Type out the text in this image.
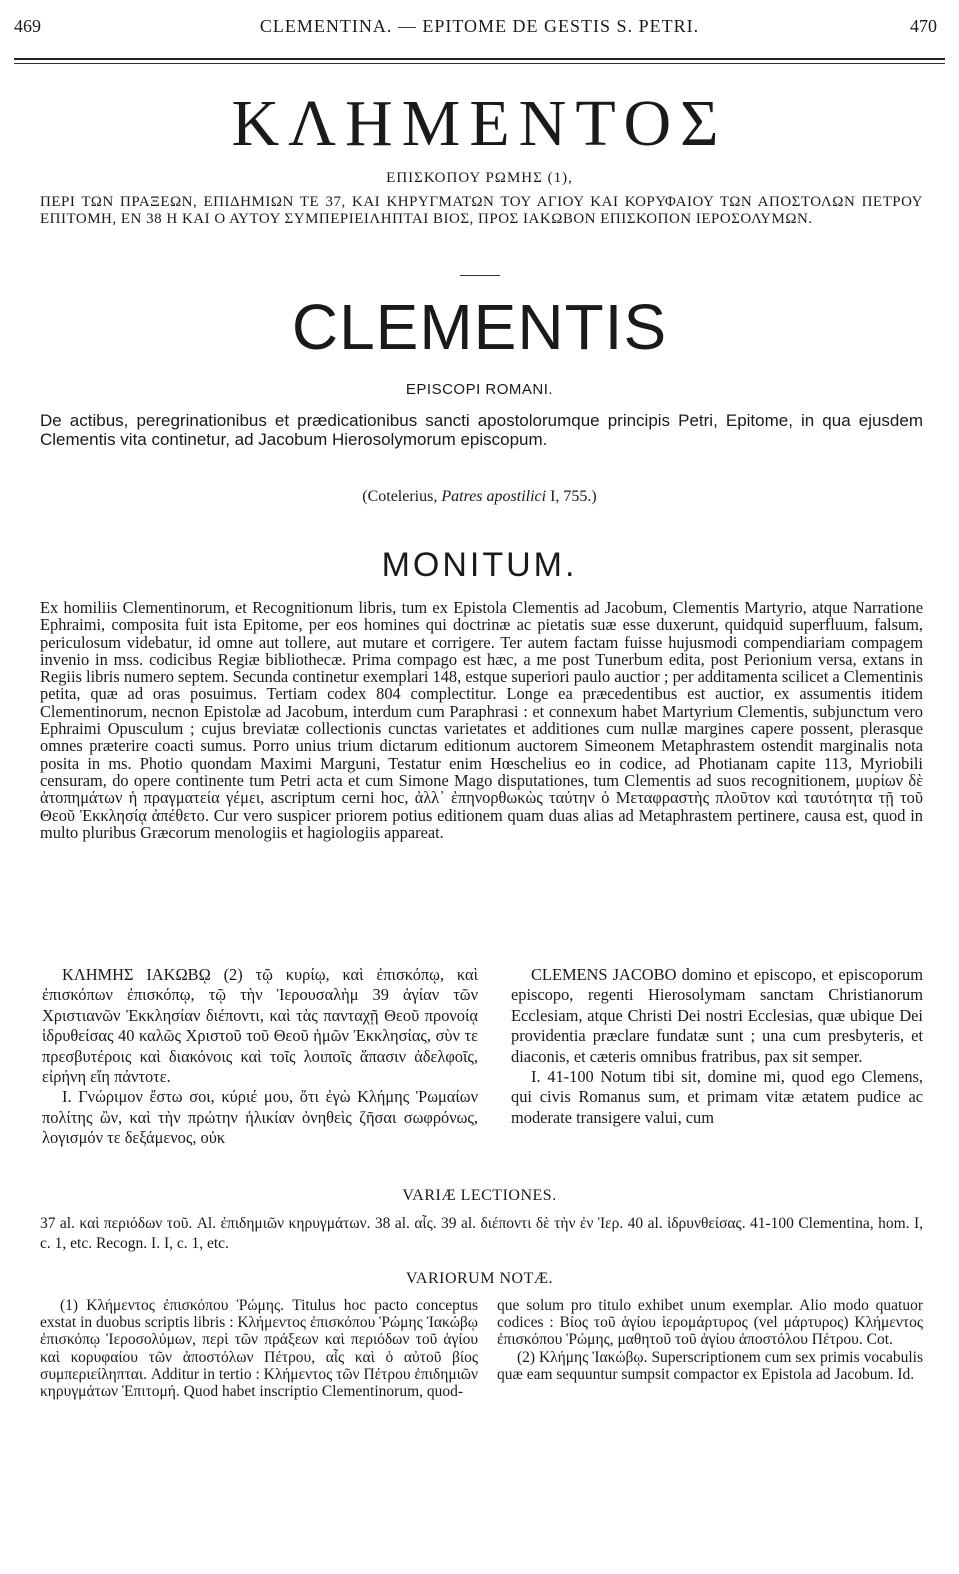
469	CLEMENTINA. — EPITOME DE GESTIS S. PETRI.	470
ΚΛΗΜΕΝΤΟΣ
ΕΠΙΣΚΟΠΟΥ ΡΩΜΗΣ (1),
ΠΕΡΙ ΤΩΝ ΠΡΑΞΕΩΝ, ΕΠΙΔΗΜΙΩΝ ΤΕ 37, ΚΑΙ ΚΗΡΥΓΜΑΤΩΝ ΤΟΥ ΑΓΙΟΥ ΚΑΙ ΚΟΡΥΦΑΙΟΥ ΤΩΝ ΑΠΟΣΤΟΛΩΝ ΠΕΤΡΟΥ ΕΠΙΤΟΜΗ, ΕΝ 38 Η ΚΑΙ Ο ΑΥΤΟΥ ΣΥΜΠΕΡΙΕΙΛΗΠΤΑΙ ΒΙΟΣ, ΠΡΟΣ ΙΑΚΩΒΟΝ ΕΠΙΣΚΟΠΟΝ ΙΕΡΟΣΟΛΥΜΩΝ.
CLEMENTIS
EPISCOPI ROMANI.
De actibus, peregrinationibus et prædicationibus sancti apostolorumque principis Petri, Epitome, in qua ejusdem Clementis vita continetur, ad Jacobum Hierosolymorum episcopum.
(Cotelerius, Patres apostilici I, 755.)
MONITUM.
Ex homiliis Clementinorum, et Recognitionum libris, tum ex Epistola Clementis ad Jacobum, Clementis Martyrio, atque Narratione Ephraimi, composita fuit ista Epitome, per eos homines qui doctrinæ ac pietatis suæ esse duxerunt, quidquid superfluum, falsum, periculosum videbatur, id omne aut tollere, aut mutare et corrigere. Ter autem factam fuisse hujusmodi compendiariam compagem invenio in mss. codicibus Regiæ bibliothecæ. Prima compago est hæc, a me post Tunerbum edita, post Perionium versa, extans in Regiis libris numero septem. Secunda continetur exemplari 148, estque superiori paulo auctior ; per additamenta scilicet a Clementinis petita, quæ ad oras posuimus. Tertiam codex 804 complectitur. Longe ea præcedentibus est auctior, ex assumentis itidem Clementinorum, necnon Epistolæ ad Jacobum, interdum cum Paraphrasi : et connexum habet Martyrium Clementis, subjunctum vero Ephraimi Opusculum ; cujus breviatæ collectionis cunctas varietates et additiones cum nullæ margines capere possent, plerasque omnes præterire coacti sumus. Porro unius trium dictarum editionum auctorem Simeonem Metaphrastem ostendit marginalis nota posita in ms. Photio quondam Maximi Marguni, Testatur enim Hœschelius eo in codice, ad Photianam capite 113, Myriobili censuram, do opere continente tum Petri acta et cum Simone Mago disputationes, tum Clementis ad suos recognitionem, μυρίων δὲ ἀτοπημάτων ἡ πραγματεία γέμει, ascriptum cerni hoc, ἀλλ᾽ ἐπηνορθωκὼς ταύτην ὁ Μεταφραστὴς πλοῦτον καὶ ταυτότητα τῇ τοῦ Θεοῦ Ἐκκλησίᾳ ἀπέθετο. Cur vero suspicer priorem potius editionem quam duas alias ad Metaphrastem pertinere, causa est, quod in multo pluribus Græcorum menologiis et hagiologiis appareat.

ΚΛΗΜΗΣ ΙΑΚΩΒῼ (2) τῷ κυρίῳ, καὶ ἐπισκόπῳ, καὶ ἐπισκόπων ἐπισκόπῳ, τῷ τὴν Ἱερουσαλὴμ 39 ἁγίαν τῶν Χριστιανῶν Ἐκκλησίαν διέποντι, καὶ τὰς πανταχῇ Θεοῦ προνοίᾳ ἱδρυθείσας 40 καλῶς Χριστοῦ τοῦ Θεοῦ ἡμῶν Ἐκκλησίας, σὺν τε πρεσβυτέροις καὶ διακόνοις καὶ τοῖς λοιποῖς ἅπασιν ἀδελφοῖς, εἰρήνη εἴη πάντοτε.

I. Γνώριμον ἔστω σοι, κύριέ μου, ὅτι ἐγὼ Κλήμης Ῥωμαίων πολίτης ὢν, καὶ τὴν πρώτην ἡλικίαν ὀνηθεὶς ζῆσαι σωφρόνως, λογισμόν τε δεξάμενος, οὐκ

CLEMENS JACOBO domino et episcopo, et episcoporum episcopo, regenti Hierosolymam sanctam Christianorum Ecclesiam, atque Christi Dei nostri Ecclesias, quæ ubique Dei providentia præclare fundatæ sunt ; una cum presbyteris, et diaconis, et cæteris omnibus fratribus, pax sit semper.

I. 41-100 Notum tibi sit, domine mi, quod ego Clemens, qui civis Romanus sum, et primam vitæ ætatem pudice ac moderate transigere valui, cum

VARIÆ LECTIONES.
37 al. καὶ περιόδων τοῦ. Al. ἐπιδημιῶν κηρυγμάτων. 38 al. αἷς. 39 al. διέποντι δὲ τὴν ἐν Ἱερ. 40 al. ἱδρυνθείσας. 41-100 Clementina, hom. I, c. 1, etc. Recogn. I. I, c. 1, etc.
VARIORUM NOTÆ.

(1) Κλήμεντος ἐπισκόπου Ῥώμης. Titulus hoc pacto conceptus exstat in duobus scriptis libris : Κλήμεντος ἐπισκόπου Ῥώμης Ἰακώβῳ ἐπισκόπῳ Ἱεροσολύμων, περὶ τῶν πράξεων καὶ περιόδων τοῦ ἁγίου καὶ κορυφαίου τῶν ἀποστόλων Πέτρου, αἷς καὶ ὁ αὐτοῦ βίος συμπεριείληπται. Additur in tertio : Κλήμεντος τῶν Πέτρου ἐπιδημιῶν κηρυγμάτων Ἐπιτομή. Quod habet inscriptio Clementinorum, quod-

que solum pro titulo exhibet unum exemplar. Alio modo quatuor codices : Βίος τοῦ ἁγίου ἱερομάρτυρος (vel μάρτυρος) Κλήμεντος ἐπισκόπου Ῥώμης, μαθητοῦ τοῦ ἁγίου ἀποστόλου Πέτρου. Cot.

(2) Κλήμης Ἰακώβῳ. Superscriptionem cum sex primis vocabulis quæ eam sequuntur sumpsit compactor ex Epistola ad Jacobum. Id.
